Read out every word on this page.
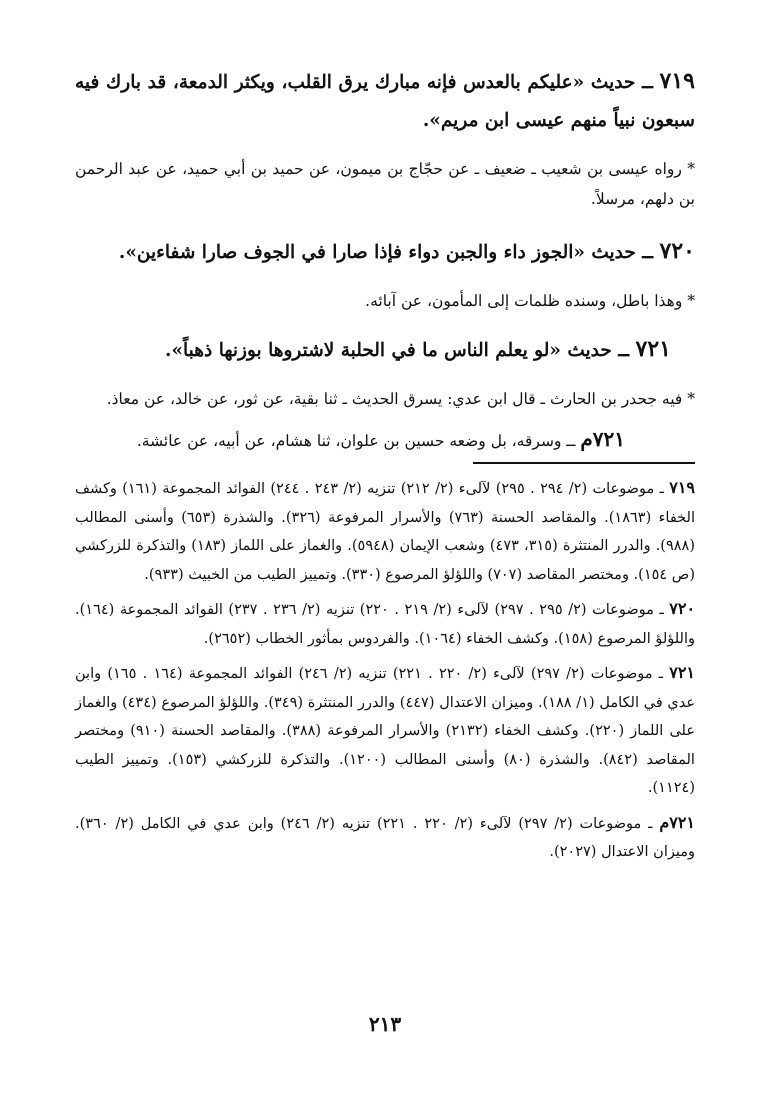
٧١٩ ــ حديث «عليكم بالعدس فإنه مبارك يرق القلب، ويكثر الدمعة، قد بارك فيه سبعون نبياً منهم عيسى ابن مريم».

* رواه عيسى بن شعيب ـ ضعيف ـ عن حجّاج بن ميمون، عن حميد بن أبي حميد، عن عبد الرحمن بن دلهم، مرسلاً.

٧٢٠ ــ حديث «الجوز داء والجبن دواء فإذا صارا في الجوف صارا شفاءين».

* وهذا باطل، وسنده ظلمات إلى المأمون، عن آبائه.

٧٢١ ــ حديث «لو يعلم الناس ما في الحلبة لاشتروها بوزنها ذهباً».

* فيه جحدر بن الحارث ـ قال ابن عدي: يسرق الحديث ـ ثنا بقية، عن ثور، عن خالد، عن معاذ.

٧٢١م ــ وسرقه، بل وضعه حسين بن علوان، ثنا هشام، عن أبيه، عن عائشة.

٧١٩ ـ موضوعات (٢/ ٢٩٤ . ٢٩٥) لآلىء (٢/ ٢١٢) تنزيه (٢/ ٢٤٣ . ٢٤٤) الفوائد المجموعة (١٦١) وكشف الخفاء (١٨٦٣). والمقاصد الحسنة (٧٦٣) والأسرار المرفوعة (٣٢٦). والشذرة (٦٥٣) وأسنى المطالب (٩٨٨). والدرر المنتثرة (٣١٥، ٤٧٣) وشعب الإيمان (٥٩٤٨). والغماز على اللماز (١٨٣) والتذكرة للزركشي (ص ١٥٤). ومختصر المقاصد (٧٠٧) واللؤلؤ المرصوع (٣٣٠). وتمييز الطيب من الخبيث (٩٣٣).

٧٢٠ ـ موضوعات (٢/ ٢٩٥ . ٢٩٧) لآلىء (٢/ ٢١٩ . ٢٢٠) تنزيه (٢/ ٢٣٦ . ٢٣٧) الفوائد المجموعة (١٦٤). واللؤلؤ المرصوع (١٥٨). وكشف الخفاء (١٠٦٤). والفردوس بمأثور الخطاب (٢٦٥٢).

٧٢١ ـ موضوعات (٢/ ٢٩٧) لآلىء (٢/ ٢٢٠ . ٢٢١) تنزيه (٢/ ٢٤٦) الفوائد المجموعة (١٦٤ . ١٦٥) وابن عدي في الكامل (١/ ١٨٨). وميزان الاعتدال (٤٤٧) والدرر المنتثرة (٣٤٩). واللؤلؤ المرصوع (٤٣٤) والغماز على اللماز (٢٢٠). وكشف الخفاء (٢١٣٢) والأسرار المرفوعة (٣٨٨). والمقاصد الحسنة (٩١٠) ومختصر المقاصد (٨٤٢). والشذرة (٨٠) وأسنى المطالب (١٢٠٠). والتذكرة للزركشي (١٥٣). وتمييز الطيب (١١٢٤).

٧٢١م ـ موضوعات (٢/ ٢٩٧) لآلىء (٢/ ٢٢٠ . ٢٢١) تنزيه (٢/ ٢٤٦) وابن عدي في الكامل (٢/ ٣٦٠). وميزان الاعتدال (٢٠٢٧).

٢١٣
